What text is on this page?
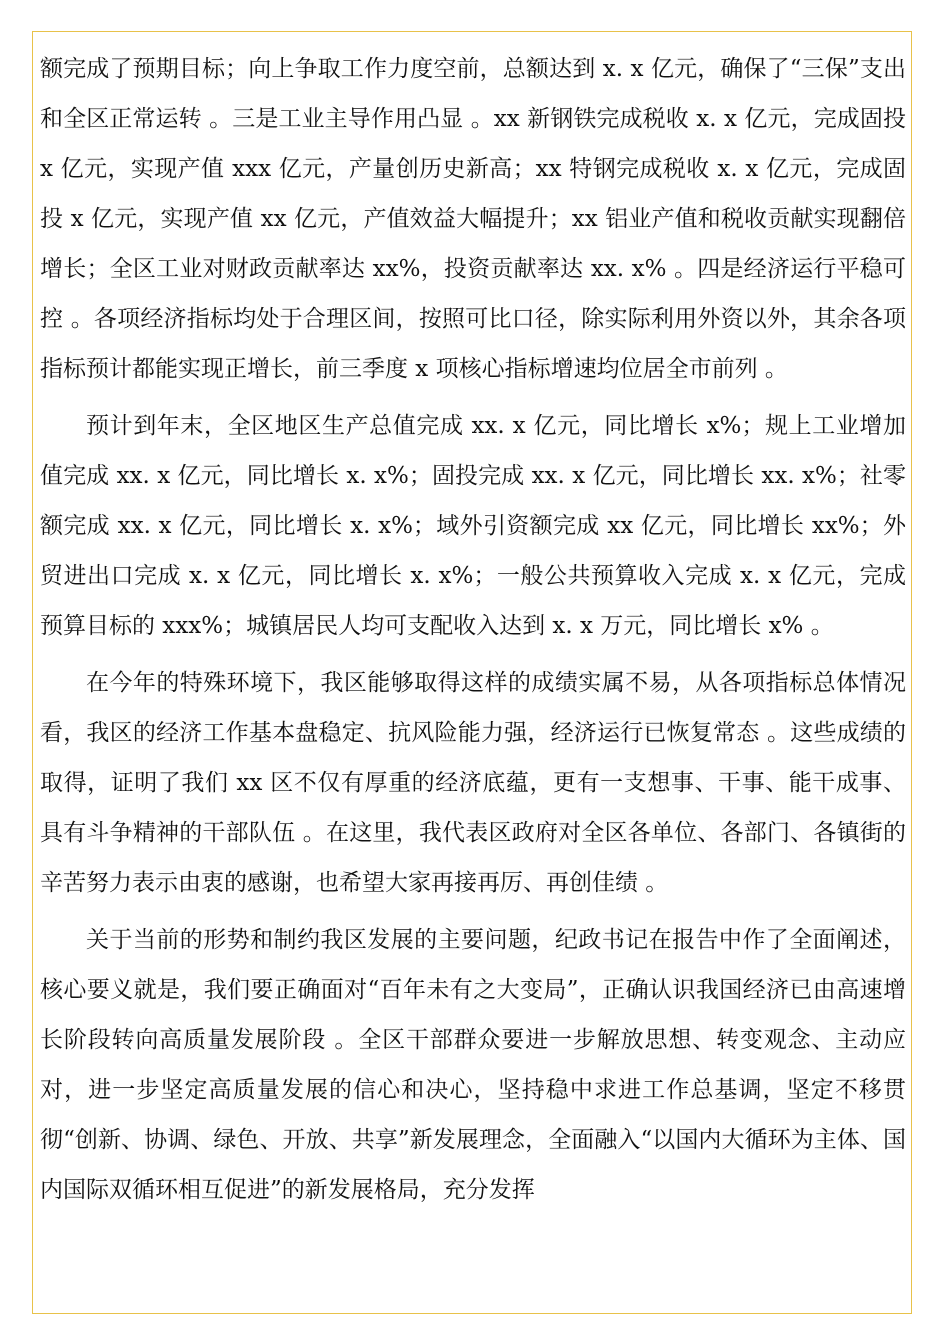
额完成了预期目标；向上争取工作力度空前，总额达到 x. x 亿元，确保了“三保”支出和全区正常运转 。三是工业主导作用凸显 。xx 新钢铁完成税收 x. x 亿元，完成固投 x 亿元，实现产值 xxx 亿元，产量创历史新高；xx 特钢完成税收 x. x 亿元，完成固投 x 亿元，实现产值 xx 亿元，产值效益大幅提升；xx 铝业产值和税收贡献实现翻倍增长；全区工业对财政贡献率达 xx%，投资贡献率达 xx. x% 。四是经济运行平稳可控 。各项经济指标均处于合理区间，按照可比口径，除实际利用外资以外，其余各项指标预计都能实现正增长，前三季度 x 项核心指标增速均位居全市前列 。

预计到年末，全区地区生产总值完成 xx. x 亿元，同比增长 x%；规上工业增加值完成 xx. x 亿元，同比增长 x. x%；固投完成 xx. x 亿元，同比增长 xx. x%；社零额完成 xx. x 亿元，同比增长 x. x%；域外引资额完成 xx 亿元，同比增长 xx%；外贸进出口完成 x. x 亿元，同比增长 x. x%；一般公共预算收入完成 x. x 亿元，完成预算目标的 xxx%；城镇居民人均可支配收入达到 x. x 万元，同比增长 x% 。

在今年的特殊环境下，我区能够取得这样的成绩实属不易，从各项指标总体情况看，我区的经济工作基本盘稳定、抗风险能力强，经济运行已恢复常态 。这些成绩的取得，证明了我们 xx 区不仅有厚重的经济底蕴，更有一支想事、干事、能干成事、具有斗争精神的干部队伍 。在这里，我代表区政府对全区各单位、各部门、各镇街的辛苦努力表示由衷的感谢，也希望大家再接再厉、再创佳绩 。

关于当前的形势和制约我区发展的主要问题，纪政书记在报告中作了全面阐述，核心要义就是，我们要正确面对“百年未有之大变局”，正确认识我国经济已由高速增长阶段转向高质量发展阶段 。全区干部群众要进一步解放思想、转变观念、主动应对，进一步坚定高质量发展的信心和决心，坚持稳中求进工作总基调，坚定不移贯彻“创新、协调、绿色、开放、共享”新发展理念，全面融入“以国内大循环为主体、国内国际双循环相互促进”的新发展格局，充分发挥
